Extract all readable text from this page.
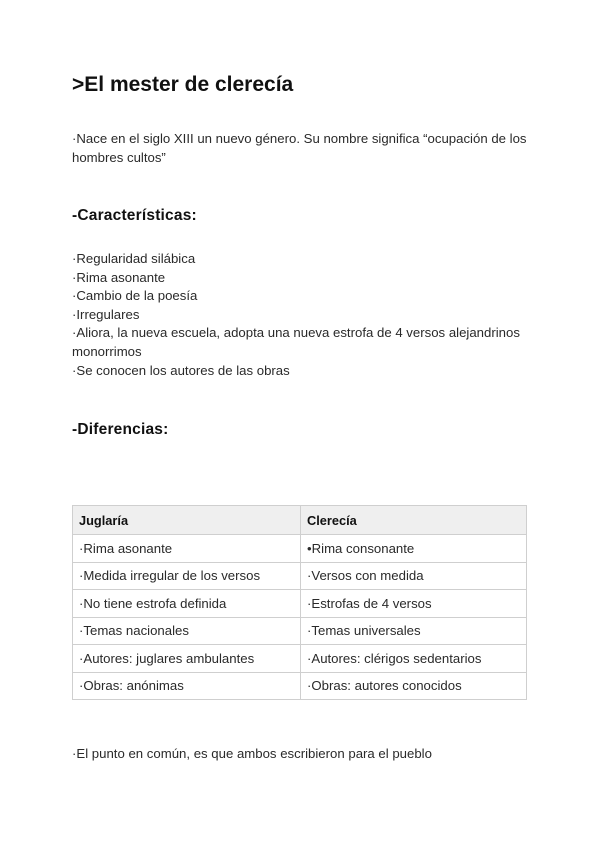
>El mester de clerecía

·Nace en el siglo XIII un nuevo género. Su nombre significa “ocupación de los hombres cultos”

-Características:
·Regularidad silábica
·Rima asonante
·Cambio de la poesía
·Irregulares
·Aliora, la nueva escuela, adopta una nueva estrofa de 4 versos alejandrinos monorrimos
·Se conocen los autores de las obras
-Diferencias:
Juglaría	Clerecía
·Rima asonante	•Rima consonante
·Medida irregular de los versos	·Versos con medida
·No tiene estrofa definida	·Estrofas de 4 versos
·Temas nacionales	·Temas universales
·Autores: juglares ambulantes	·Autores: clérigos sedentarios
·Obras: anónimas	·Obras: autores conocidos

·El punto en común, es que ambos escribieron para el pueblo
